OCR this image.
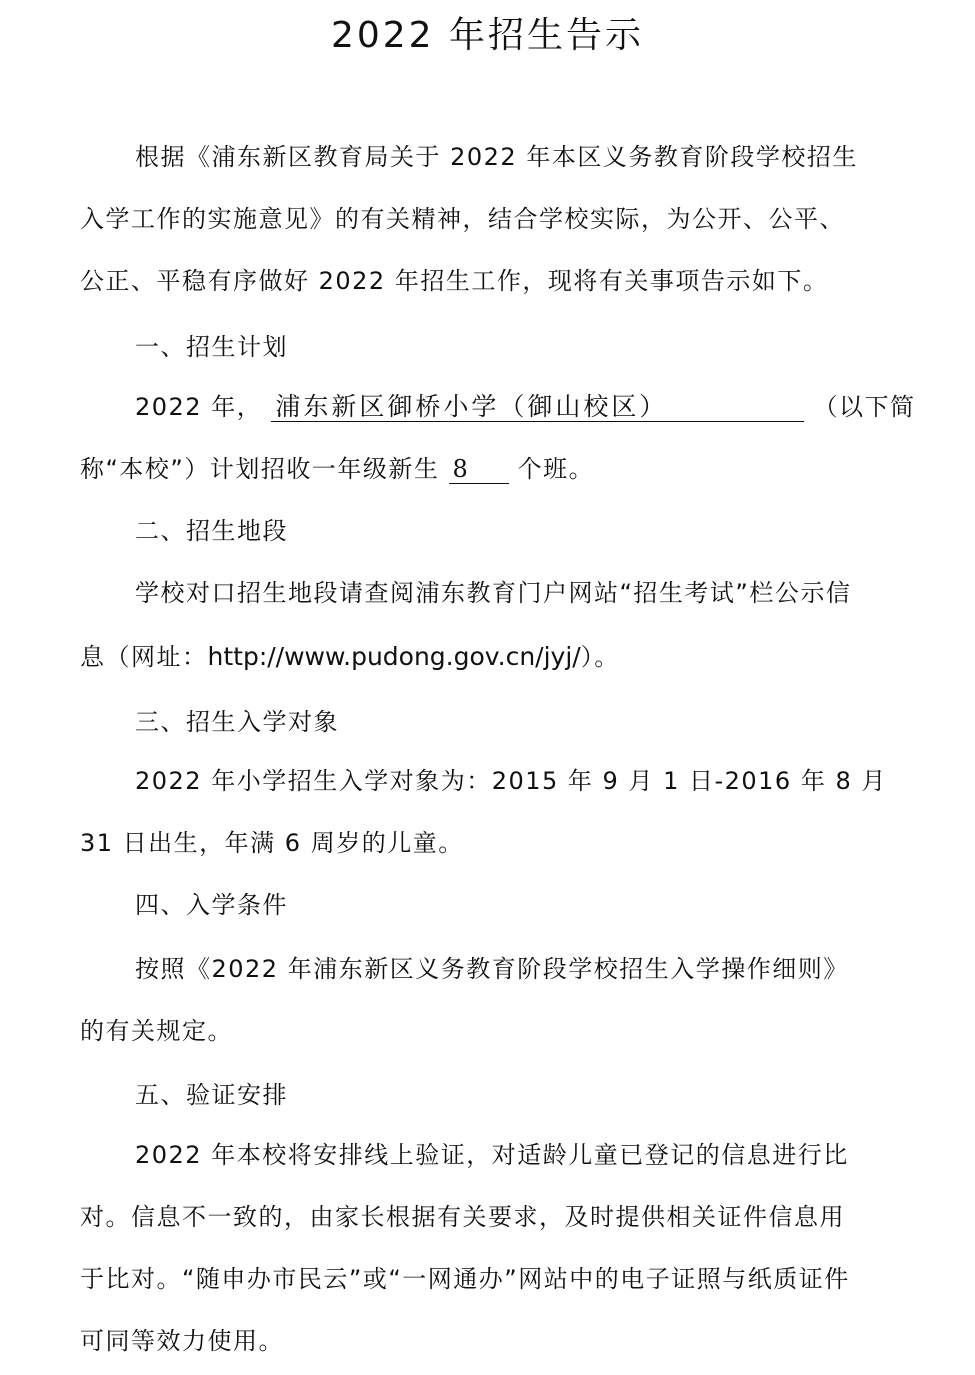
2022 年招生告示
根据《浦东新区教育局关于 2022 年本区义务教育阶段学校招生
入学工作的实施意见》的有关精神，结合学校实际，为公开、公平、
公正、平稳有序做好 2022 年招生工作，现将有关事项告示如下。
一、招生计划
2022 年， 浦东新区御桥小学（御山校区）	（以下简
称“本校”）计划招收一年级新生 8 个班。
二、招生地段
学校对口招生地段请查阅浦东教育门户网站“招生考试”栏公示信
息（网址：http://www.pudong.gov.cn/jyj/）。
三、招生入学对象
2022 年小学招生入学对象为：2015 年 9 月 1 日-2016 年 8 月
31 日出生，年满 6 周岁的儿童。
四、入学条件
按照《2022 年浦东新区义务教育阶段学校招生入学操作细则》
的有关规定。
五、验证安排
2022 年本校将安排线上验证，对适龄儿童已登记的信息进行比
对。信息不一致的，由家长根据有关要求，及时提供相关证件信息用
于比对。“随申办市民云”或“一网通办”网站中的电子证照与纸质证件
可同等效力使用。
